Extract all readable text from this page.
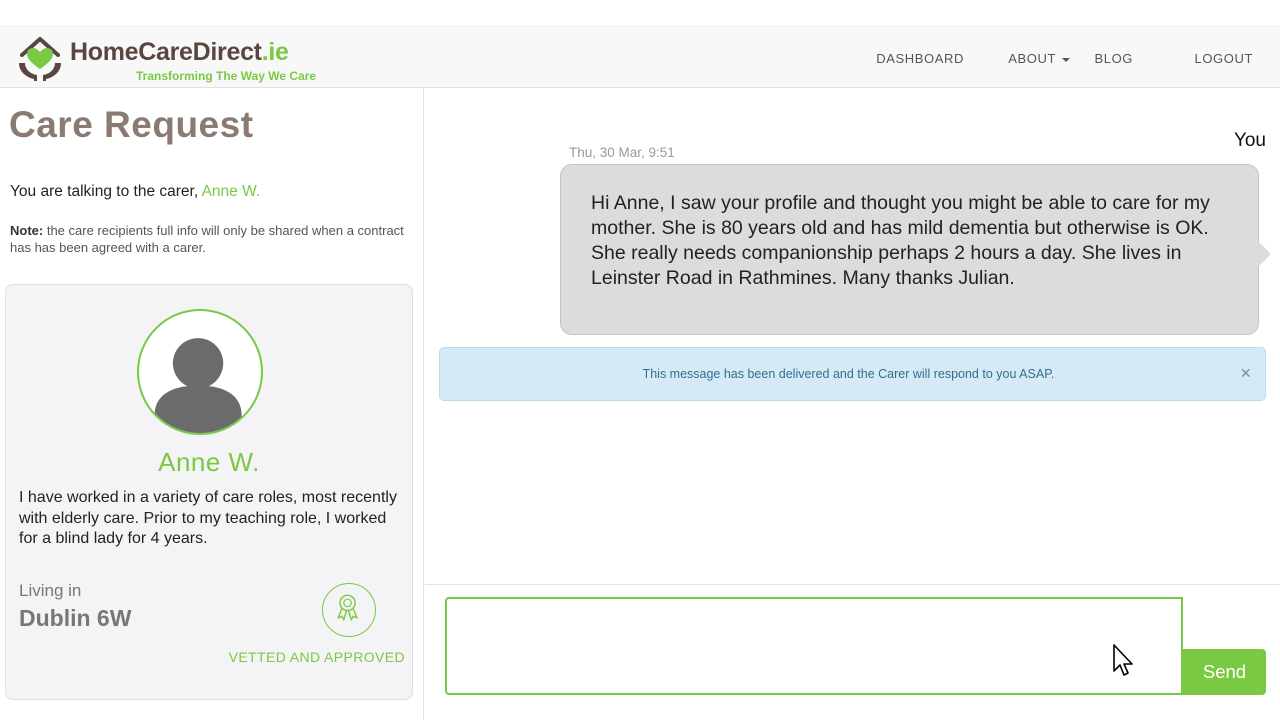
HomeCareDirect.ie
Transforming The Way We Care
DASHBOARD	ABOUT	BLOG	LOGOUT
Care Request
You are talking to the carer, Anne W.
Note: the care recipients full info will only be shared when a contract has has been agreed with a carer.
Anne W.
I have worked in a variety of care roles, most recently with elderly care. Prior to my teaching role, I worked for a blind lady for 4 years.
Living in
Dublin 6W
VETTED AND APPROVED
Thu, 30 Mar, 9:51
You
Hi Anne, I saw your profile and thought you might be able to care for my mother. She is 80 years old and has mild dementia but otherwise is OK. She really needs companionship perhaps 2 hours a day. She lives in Leinster Road in Rathmines. Many thanks Julian.
This message has been delivered and the Carer will respond to you ASAP.	×
Send
